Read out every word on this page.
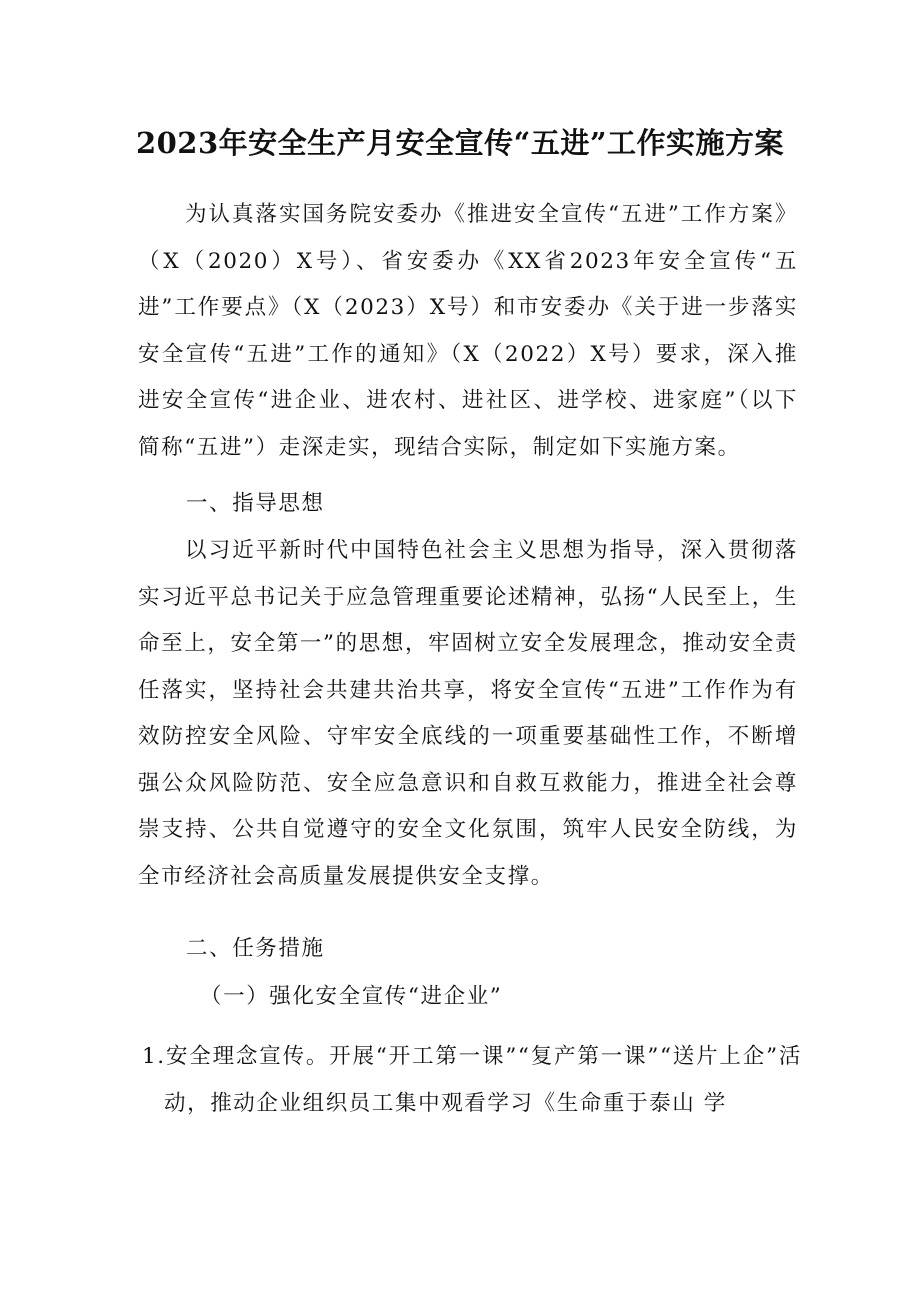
2023年安全生产月安全宣传“五进”工作实施方案

为认真落实国务院安委办《推进安全宣传“五进”工作方案》（X（2020）X号）、省安委办《XX省2023年安全宣传“五进”工作要点》（X（2023）X号）和市安委办《关于进一步落实安全宣传“五进”工作的通知》（X（2022）X号）要求，深入推进安全宣传“进企业、进农村、进社区、进学校、进家庭”（以下简称“五进”）走深走实，现结合实际，制定如下实施方案。

一、指导思想

以习近平新时代中国特色社会主义思想为指导，深入贯彻落实习近平总书记关于应急管理重要论述精神，弘扬“人民至上，生命至上，安全第一”的思想，牢固树立安全发展理念，推动安全责任落实，坚持社会共建共治共享，将安全宣传“五进”工作作为有效防控安全风险、守牢安全底线的一项重要基础性工作，不断增强公众风险防范、安全应急意识和自救互救能力，推进全社会尊崇支持、公共自觉遵守的安全文化氛围，筑牢人民安全防线，为全市经济社会高质量发展提供安全支撑。

二、任务措施

（一）强化安全宣传“进企业”

1.安全理念宣传。开展“开工第一课”“复产第一课”“送片上企”活动，推动企业组织员工集中观看学习《生命重于泰山 学
